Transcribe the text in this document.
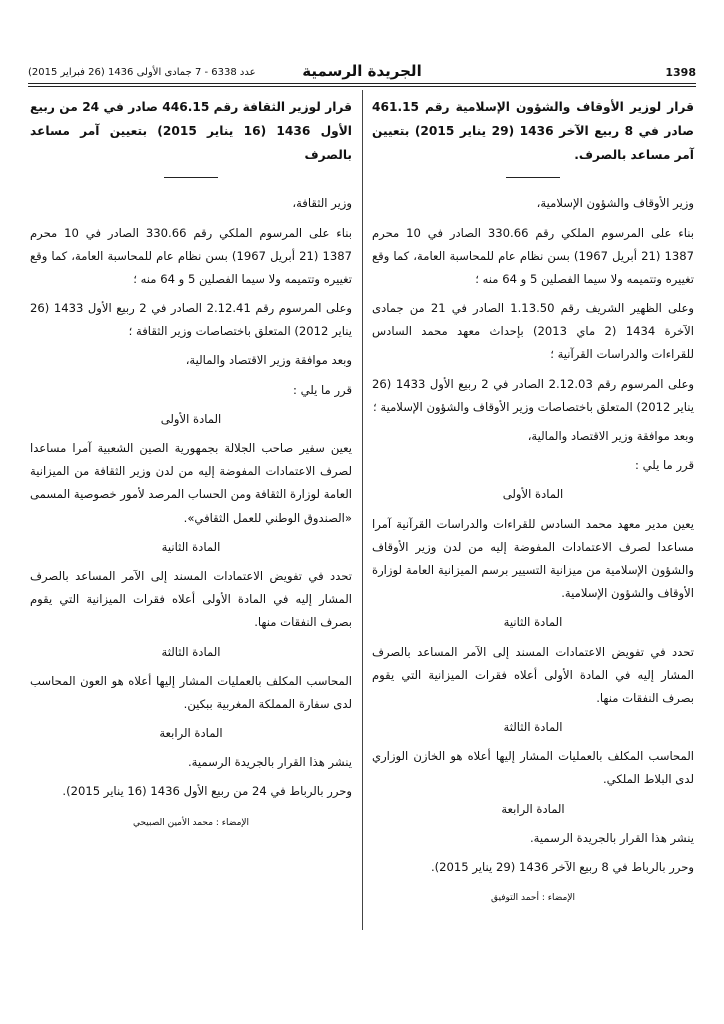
1398
الجريدة الرسمية
عدد 6338 - 7 جمادى الأولى 1436 (26 فبراير 2015)

قرار لوزير الأوقاف والشؤون الإسلامية رقم 461.15 صادر في 8 ربيع الآخر 1436 (29 يناير 2015) بتعيين آمر مساعد بالصرف.

وزير الأوقاف والشؤون الإسلامية،

بناء على المرسوم الملكي رقم 330.66 الصادر في 10 محرم 1387 (21 أبريل 1967) بسن نظام عام للمحاسبة العامة، كما وقع تغييره وتتميمه ولا سيما الفصلين 5 و 64 منه ؛

وعلى الظهير الشريف رقم 1.13.50 الصادر في 21 من جمادى الآخرة 1434 (2 ماي 2013) بإحداث معهد محمد السادس للقراءات والدراسات القرآنية ؛

وعلى المرسوم رقم 2.12.03 الصادر في 2 ربيع الأول 1433 (26 يناير 2012) المتعلق باختصاصات وزير الأوقاف والشؤون الإسلامية ؛

وبعد موافقة وزير الاقتصاد والمالية،

قرر ما يلي :

المادة الأولى

يعين مدير معهد محمد السادس للقراءات والدراسات القرآنية آمرا مساعدا لصرف الاعتمادات المفوضة إليه من لدن وزير الأوقاف والشؤون الإسلامية من ميزانية التسيير برسم الميزانية العامة لوزارة الأوقاف والشؤون الإسلامية.

المادة الثانية

تحدد في تفويض الاعتمادات المسند إلى الآمر المساعد بالصرف المشار إليه في المادة الأولى أعلاه فقرات الميزانية التي يقوم بصرف النفقات منها.

المادة الثالثة

المحاسب المكلف بالعمليات المشار إليها أعلاه هو الخازن الوزاري لدى البلاط الملكي.

المادة الرابعة

ينشر هذا القرار بالجريدة الرسمية.

وحرر بالرباط في 8 ربيع الآخر 1436 (29 يناير 2015).

الإمضاء : أحمد التوفيق

قرار لوزير الثقافة رقم 446.15 صادر في 24 من ربيع الأول 1436 (16 يناير 2015) بتعيين آمر مساعد بالصرف

وزير الثقافة،

بناء على المرسوم الملكي رقم 330.66 الصادر في 10 محرم 1387 (21 أبريل 1967) بسن نظام عام للمحاسبة العامة، كما وقع تغييره وتتميمه ولا سيما الفصلين 5 و 64 منه ؛

وعلى المرسوم رقم 2.12.41 الصادر في 2 ربيع الأول 1433 (26 يناير 2012) المتعلق باختصاصات وزير الثقافة ؛

وبعد موافقة وزير الاقتصاد والمالية،

قرر ما يلي :

المادة الأولى

يعين سفير صاحب الجلالة بجمهورية الصين الشعبية آمرا مساعدا لصرف الاعتمادات المفوضة إليه من لدن وزير الثقافة من الميزانية العامة لوزارة الثقافة ومن الحساب المرصد لأمور خصوصية المسمى «الصندوق الوطني للعمل الثقافي».

المادة الثانية

تحدد في تفويض الاعتمادات المسند إلى الآمر المساعد بالصرف المشار إليه في المادة الأولى أعلاه فقرات الميزانية التي يقوم بصرف النفقات منها.

المادة الثالثة

المحاسب المكلف بالعمليات المشار إليها أعلاه هو العون المحاسب لدى سفارة المملكة المغربية ببكين.

المادة الرابعة

ينشر هذا القرار بالجريدة الرسمية.

وحرر بالرباط في 24 من ربيع الأول 1436 (16 يناير 2015).

الإمضاء : محمد الأمين الصبيحي
